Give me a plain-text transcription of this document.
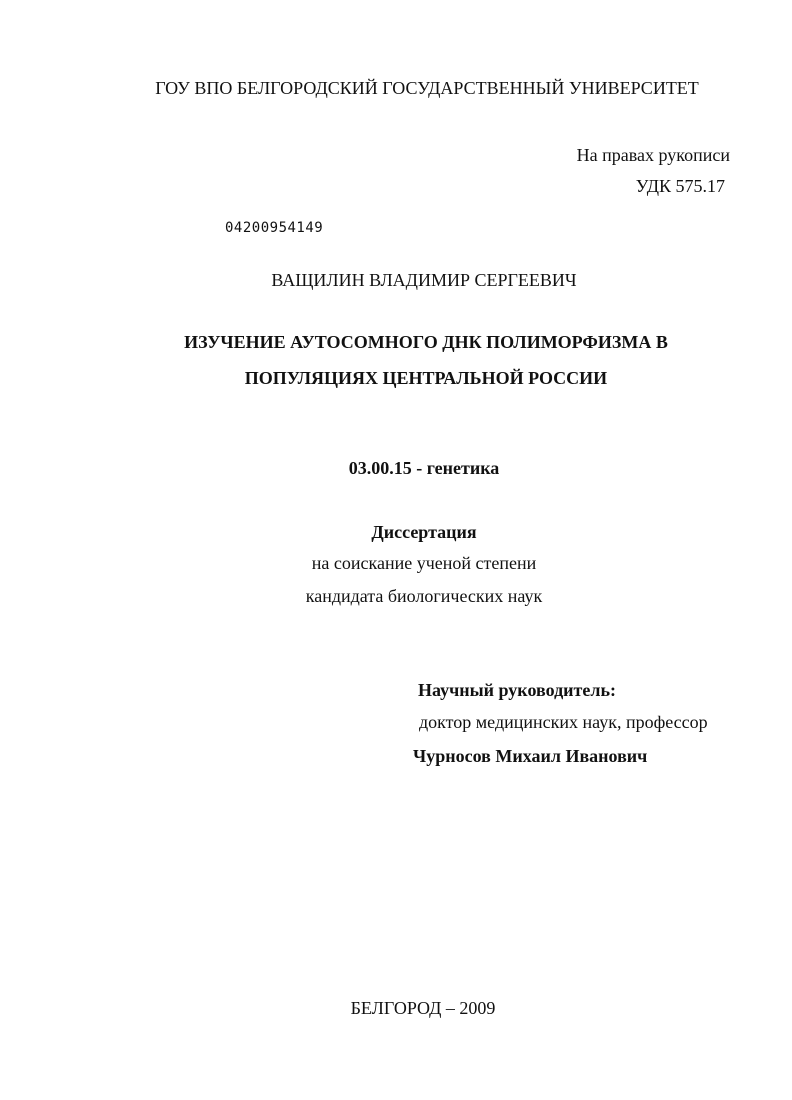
ГОУ ВПО БЕЛГОРОДСКИЙ ГОСУДАРСТВЕННЫЙ УНИВЕРСИТЕТ
На правах рукописи
УДК 575.17
04200954149
ВАЩИЛИН ВЛАДИМИР СЕРГЕЕВИЧ
ИЗУЧЕНИЕ АУТОСОМНОГО ДНК ПОЛИМОРФИЗМА В
ПОПУЛЯЦИЯХ ЦЕНТРАЛЬНОЙ РОССИИ
03.00.15 - генетика
Диссертация
на соискание ученой степени
кандидата биологических наук
Научный руководитель:
доктор медицинских наук, профессор
Чурносов Михаил Иванович
БЕЛГОРОД – 2009
